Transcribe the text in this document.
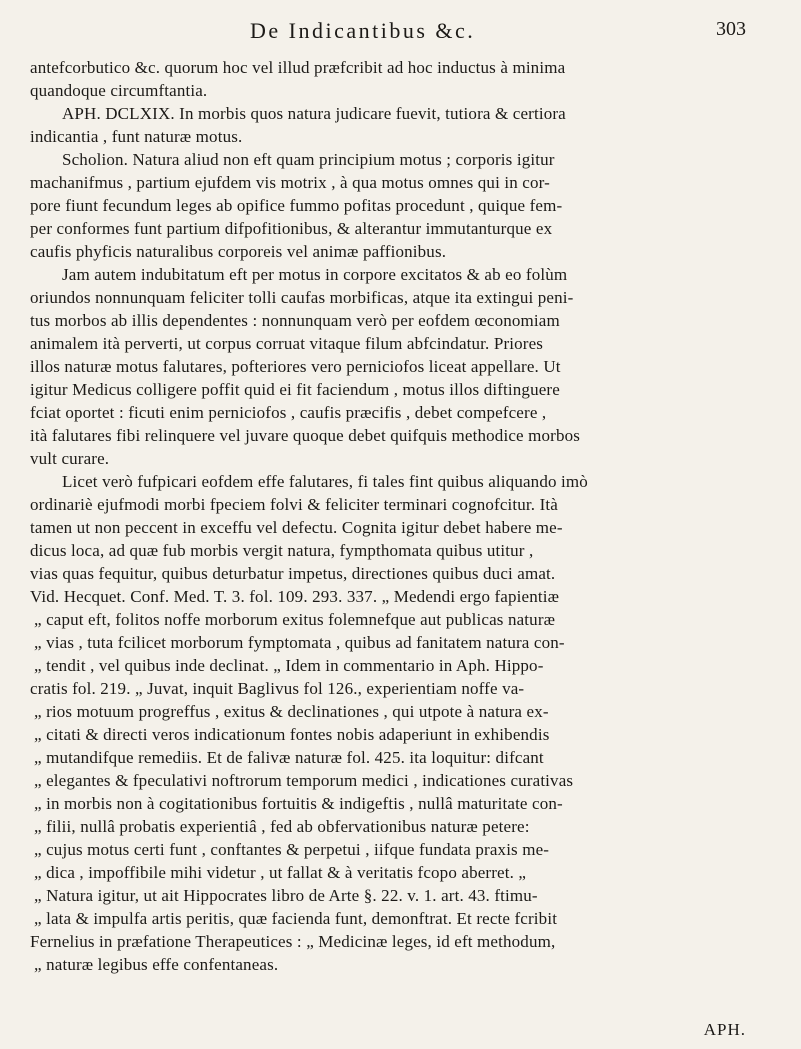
De Indicantibus &c.	303
antefcorbutico &c. quorum hoc vel illud præfcribit ad hoc inductus à minima
quandoque circumftantia.
APH. DCLXIX. In morbis quos natura judicare fuevit, tutiora & certiora
indicantia , funt naturæ motus.
Scholion. Natura aliud non eft quam principium motus ; corporis igitur
machanifmus , partium ejufdem vis motrix , à qua motus omnes qui in cor-
pore fiunt fecundum leges ab opifice fummo pofitas procedunt , quique fem-
per conformes funt partium difpofitionibus, & alterantur immutanturque ex
caufis phyficis naturalibus corporeis vel animæ paffionibus.
Jam autem indubitatum eft per motus in corpore excitatos & ab eo folùm
oriundos nonnunquam feliciter tolli caufas morbificas, atque ita extingui peni-
tus morbos ab illis dependentes : nonnunquam verò per eofdem œconomiam
animalem ità perverti, ut corpus corruat vitaque filum abfcindatur. Priores
illos naturæ motus falutares, pofteriores vero perniciofos liceat appellare. Ut
igitur Medicus colligere poffit quid ei fit faciendum , motus illos diftinguere
fciat oportet : ficuti enim perniciofos , caufis præcifis , debet compefcere ,
ità falutares fibi relinquere vel juvare quoque debet quifquis methodice morbos
vult curare.
Licet verò fufpicari eofdem effe falutares, fi tales fint quibus aliquando imò
ordinariè ejufmodi morbi fpeciem folvi & feliciter terminari cognofcitur. Ità
tamen ut non peccent in exceffu vel defectu. Cognita igitur debet habere me-
dicus loca, ad quæ fub morbis vergit natura, fympthomata quibus utitur ,
vias quas fequitur, quibus deturbatur impetus, directiones quibus duci amat.
Vid. Hecquet. Conf. Med. T. 3. fol. 109. 293. 337. „ Medendi ergo fapientiæ
„ caput eft, folitos noffe morborum exitus folemnefque aut publicas naturæ
„ vias , tuta fcilicet morborum fymptomata , quibus ad fanitatem natura con-
„ tendit , vel quibus inde declinat. „ Idem in commentario in Aph. Hippo-
cratis fol. 219. „ Juvat, inquit Baglivus fol 126., experientiam noffe va-
„ rios motuum progreffus , exitus & declinationes , qui utpote à natura ex-
„ citati & directi veros indicationum fontes nobis adaperiunt in exhibendis
„ mutandifque remediis. Et de falivæ naturæ fol. 425. ita loquitur: difcant
„ elegantes & fpeculativi noftrorum temporum medici , indicationes curativas
„ in morbis non à cogitationibus fortuitis & indigeftis , nullâ maturitate con-
„ filii, nullâ probatis experientiâ , fed ab obfervationibus naturæ petere:
„ cujus motus certi funt , conftantes & perpetui , iifque fundata praxis me-
„ dica , impoffibile mihi videtur , ut fallat & à veritatis fcopo aberret. „
„ Natura igitur, ut ait Hippocrates libro de Arte §. 22. v. 1. art. 43. ftimu-
„ lata & impulfa artis peritis, quæ facienda funt, demonftrat. Et recte fcribit
Fernelius in præfatione Therapeutices : „ Medicinæ leges, id eft methodum,
„ naturæ legibus effe confentaneas.
APH.
